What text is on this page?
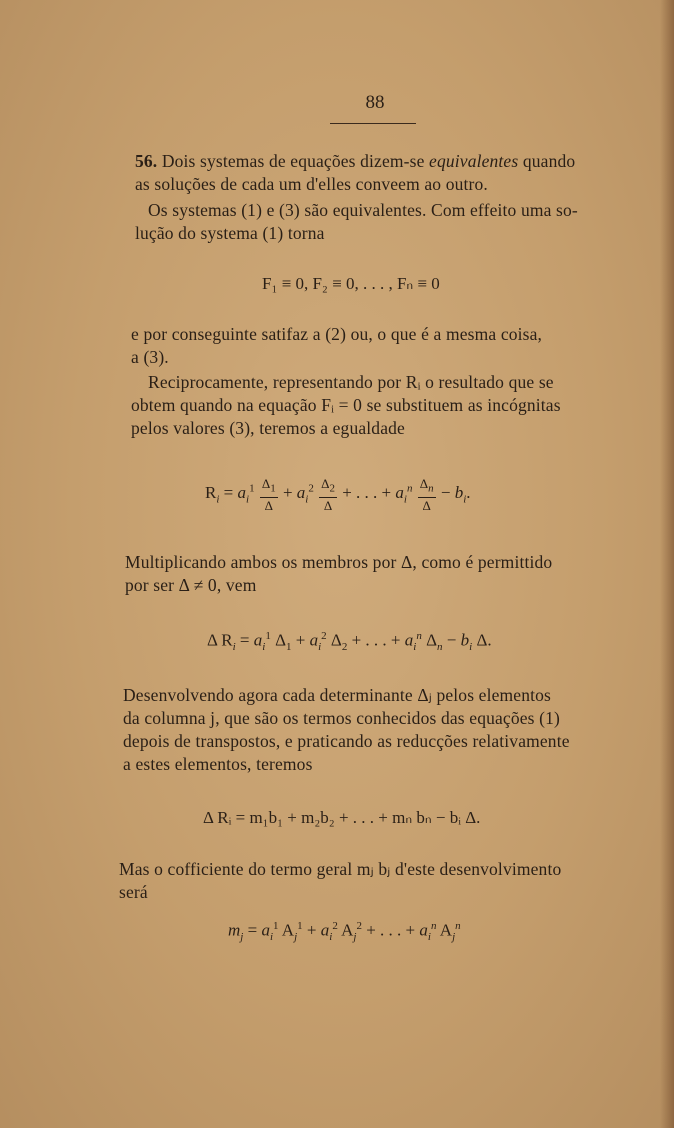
88
56. Dois systemas de equações dizem-se equivalentes quando
as soluções de cada um d'elles conveem ao outro.
Os systemas (1) e (3) são equivalentes. Com effeito uma so-
lução do systema (1) torna
F₁ ≡ 0, F₂ ≡ 0, . . . , Fₙ ≡ 0
e por conseguinte satifaz a (2) ou, o que é a mesma coisa,
a (3).
Reciprocamente, representando por Rᵢ o resultado que se
obtem quando na equação Fᵢ = 0 se substituem as incógnitas
pelos valores (3), teremos a egualdade
$R_i = a_i^1 \frac{\Delta_1}{\Delta} + a_i^2 \frac{\Delta_2}{\Delta}$ + . . . + $a_i^n \frac{\Delta_n}{\Delta} - b_i$.
Multiplicando ambos os membros por Δ, como é permittido
por ser Δ ≠ 0, vem
Δ $R_i = a_i^1$ $\Delta_1 + a_i^2$ $\Delta_2$ + . . . + $a_i^n$ $\Delta_n - b_i$ Δ.
Desenvolvendo agora cada determinante Δⱼ pelos elementos
da columna j, que são os termos conhecidos das equações (1)
depois de transpostos, e praticando as reducções relativamente
a estes elementos, teremos
Δ Rᵢ = m₁b₁ + m₂b₂ + . . . + mₙ bₙ − bᵢ Δ.
Mas o cofficiente do termo geral mⱼ bⱼ d'este desenvolvimento
será
$m_j = a_i^1$ $A_j^1 + a_i^2$ $A_j^2$ + . . . + $a_i^n$ $A_j^n$
